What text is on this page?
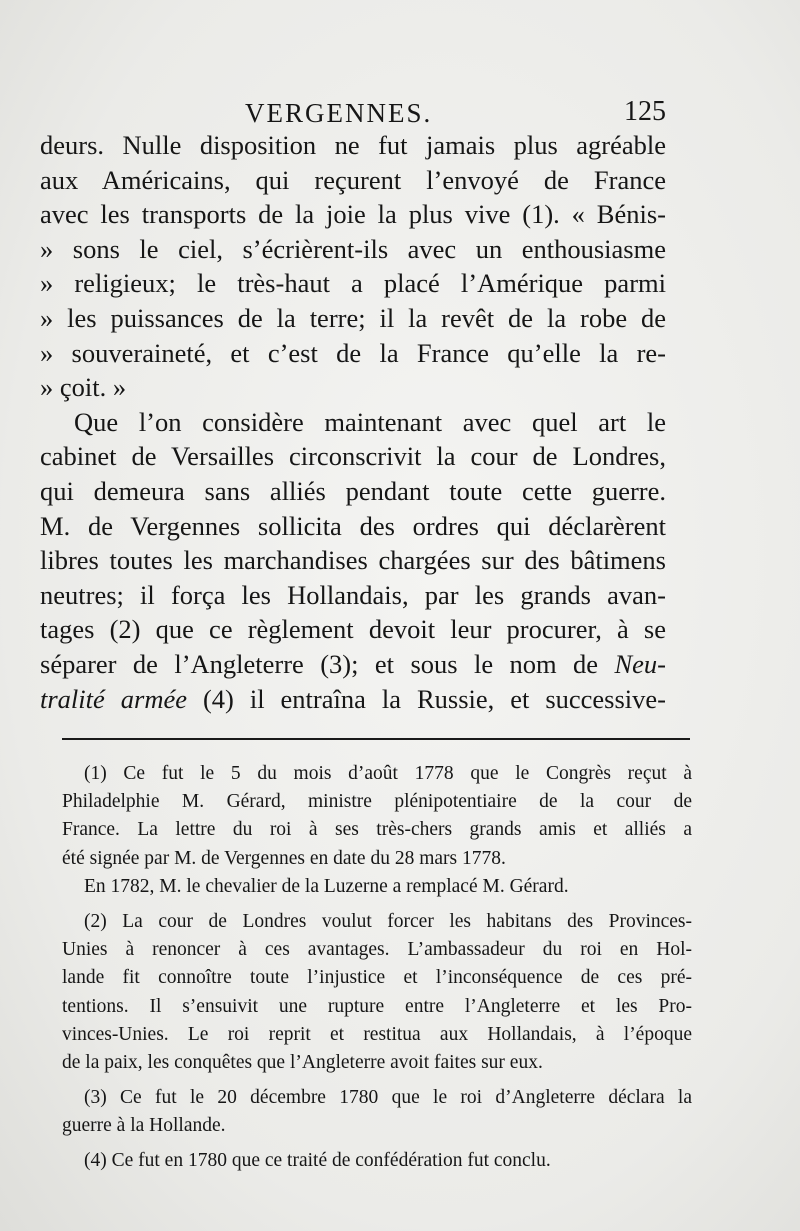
VERGENNES.	125
deurs. Nulle disposition ne fut jamais plus agréable
aux Américains, qui reçurent l’envoyé de France
avec les transports de la joie la plus vive (1). « Bénis-
» sons le ciel, s’écrièrent-ils avec un enthousiasme
» religieux; le très-haut a placé l’Amérique parmi
» les puissances de la terre; il la revêt de la robe de
» souveraineté, et c’est de la France qu’elle la re-
» çoit. »
Que l’on considère maintenant avec quel art le
cabinet de Versailles circonscrivit la cour de Londres,
qui demeura sans alliés pendant toute cette guerre.
M. de Vergennes sollicita des ordres qui déclarèrent
libres toutes les marchandises chargées sur des bâtimens
neutres; il força les Hollandais, par les grands avan-
tages (2) que ce règlement devoit leur procurer, à se
séparer de l’Angleterre (3); et sous le nom de Neu-
tralité armée (4) il entraîna la Russie, et successive-
(1) Ce fut le 5 du mois d’août 1778 que le Congrès reçut à
Philadelphie M. Gérard, ministre plénipotentiaire de la cour de
France. La lettre du roi à ses très-chers grands amis et alliés a
été signée par M. de Vergennes en date du 28 mars 1778.
En 1782, M. le chevalier de la Luzerne a remplacé M. Gérard.
(2) La cour de Londres voulut forcer les habitans des Provinces-
Unies à renoncer à ces avantages. L’ambassadeur du roi en Hol-
lande fit connoître toute l’injustice et l’inconséquence de ces pré-
tentions. Il s’ensuivit une rupture entre l’Angleterre et les Pro-
vinces-Unies. Le roi reprit et restitua aux Hollandais, à l’époque
de la paix, les conquêtes que l’Angleterre avoit faites sur eux.
(3) Ce fut le 20 décembre 1780 que le roi d’Angleterre déclara la
guerre à la Hollande.
(4) Ce fut en 1780 que ce traité de confédération fut conclu.
